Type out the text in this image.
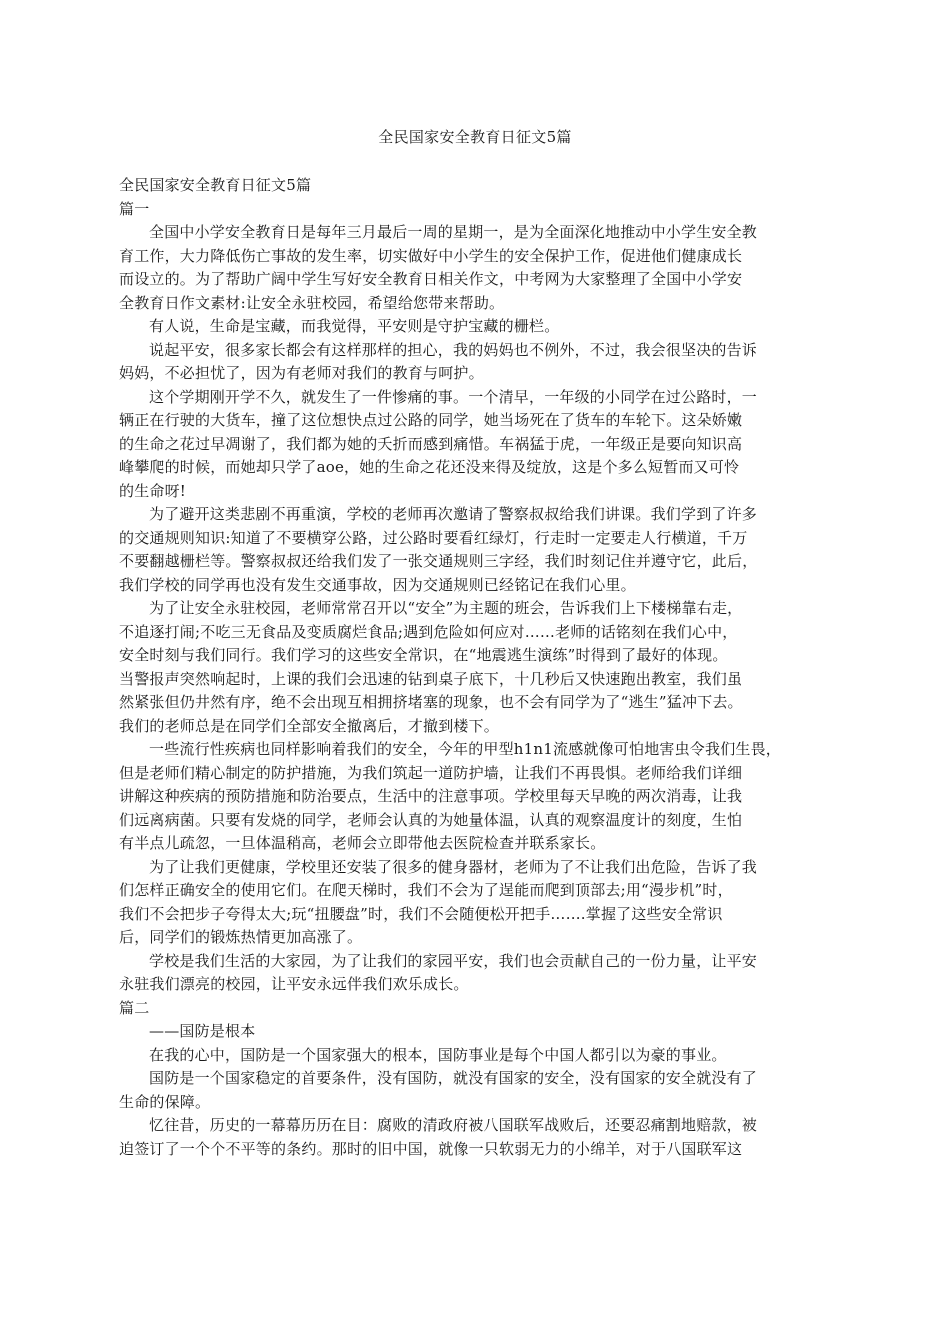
全民国家安全教育日征文5篇
全民国家安全教育日征文5篇
篇一
全国中小学安全教育日是每年三月最后一周的星期一，是为全面深化地推动中小学生安全教
育工作，大力降低伤亡事故的发生率，切实做好中小学生的安全保护工作，促进他们健康成长
而设立的。为了帮助广阔中学生写好安全教育日相关作文，中考网为大家整理了全国中小学安
全教育日作文素材:让安全永驻校园，希望给您带来帮助。
有人说，生命是宝藏，而我觉得，平安则是守护宝藏的栅栏。
说起平安，很多家长都会有这样那样的担心，我的妈妈也不例外，不过，我会很坚决的告诉
妈妈，不必担忧了，因为有老师对我们的教育与呵护。
这个学期刚开学不久，就发生了一件惨痛的事。一个清早，一年级的小同学在过公路时，一
辆正在行驶的大货车，撞了这位想快点过公路的同学，她当场死在了货车的车轮下。这朵娇嫩
的生命之花过早凋谢了，我们都为她的夭折而感到痛惜。车祸猛于虎，一年级正是要向知识高
峰攀爬的时候，而她却只学了aoe，她的生命之花还没来得及绽放，这是个多么短暂而又可怜
的生命呀!
为了避开这类悲剧不再重演，学校的老师再次邀请了警察叔叔给我们讲课。我们学到了许多
的交通规则知识:知道了不要横穿公路，过公路时要看红绿灯，行走时一定要走人行横道，千万
不要翻越栅栏等。警察叔叔还给我们发了一张交通规则三字经，我们时刻记住并遵守它，此后，
我们学校的同学再也没有发生交通事故，因为交通规则已经铭记在我们心里。
为了让安全永驻校园，老师常常召开以“安全”为主题的班会，告诉我们上下楼梯靠右走，
不追逐打闹;不吃三无食品及变质腐烂食品;遇到危险如何应对……老师的话铭刻在我们心中，
安全时刻与我们同行。我们学习的这些安全常识，在“地震逃生演练”时得到了最好的体现。
当警报声突然响起时，上课的我们会迅速的钻到桌子底下，十几秒后又快速跑出教室，我们虽
然紧张但仍井然有序，绝不会出现互相拥挤堵塞的现象，也不会有同学为了“逃生”猛冲下去。
我们的老师总是在同学们全部安全撤离后，才撤到楼下。
一些流行性疾病也同样影响着我们的安全，今年的甲型h1n1流感就像可怕地害虫令我们生畏，
但是老师们精心制定的防护措施，为我们筑起一道防护墙，让我们不再畏惧。老师给我们详细
讲解这种疾病的预防措施和防治要点，生活中的注意事项。学校里每天早晚的两次消毒，让我
们远离病菌。只要有发烧的同学，老师会认真的为她量体温，认真的观察温度计的刻度，生怕
有半点儿疏忽，一旦体温稍高，老师会立即带他去医院检查并联系家长。
为了让我们更健康，学校里还安装了很多的健身器材，老师为了不让我们出危险，告诉了我
们怎样正确安全的使用它们。在爬天梯时，我们不会为了逞能而爬到顶部去;用“漫步机”时，
我们不会把步子夸得太大;玩“扭腰盘”时，我们不会随便松开把手…….掌握了这些安全常识
后，同学们的锻炼热情更加高涨了。
学校是我们生活的大家园，为了让我们的家园平安，我们也会贡献自己的一份力量，让平安
永驻我们漂亮的校园，让平安永远伴我们欢乐成长。
篇二
——国防是根本
在我的心中，国防是一个国家强大的根本，国防事业是每个中国人都引以为豪的事业。
国防是一个国家稳定的首要条件，没有国防，就没有国家的安全，没有国家的安全就没有了
生命的保障。
忆往昔，历史的一幕幕历历在目：腐败的清政府被八国联军战败后，还要忍痛割地赔款，被
迫签订了一个个不平等的条约。那时的旧中国，就像一只软弱无力的小绵羊，对于八国联军这
